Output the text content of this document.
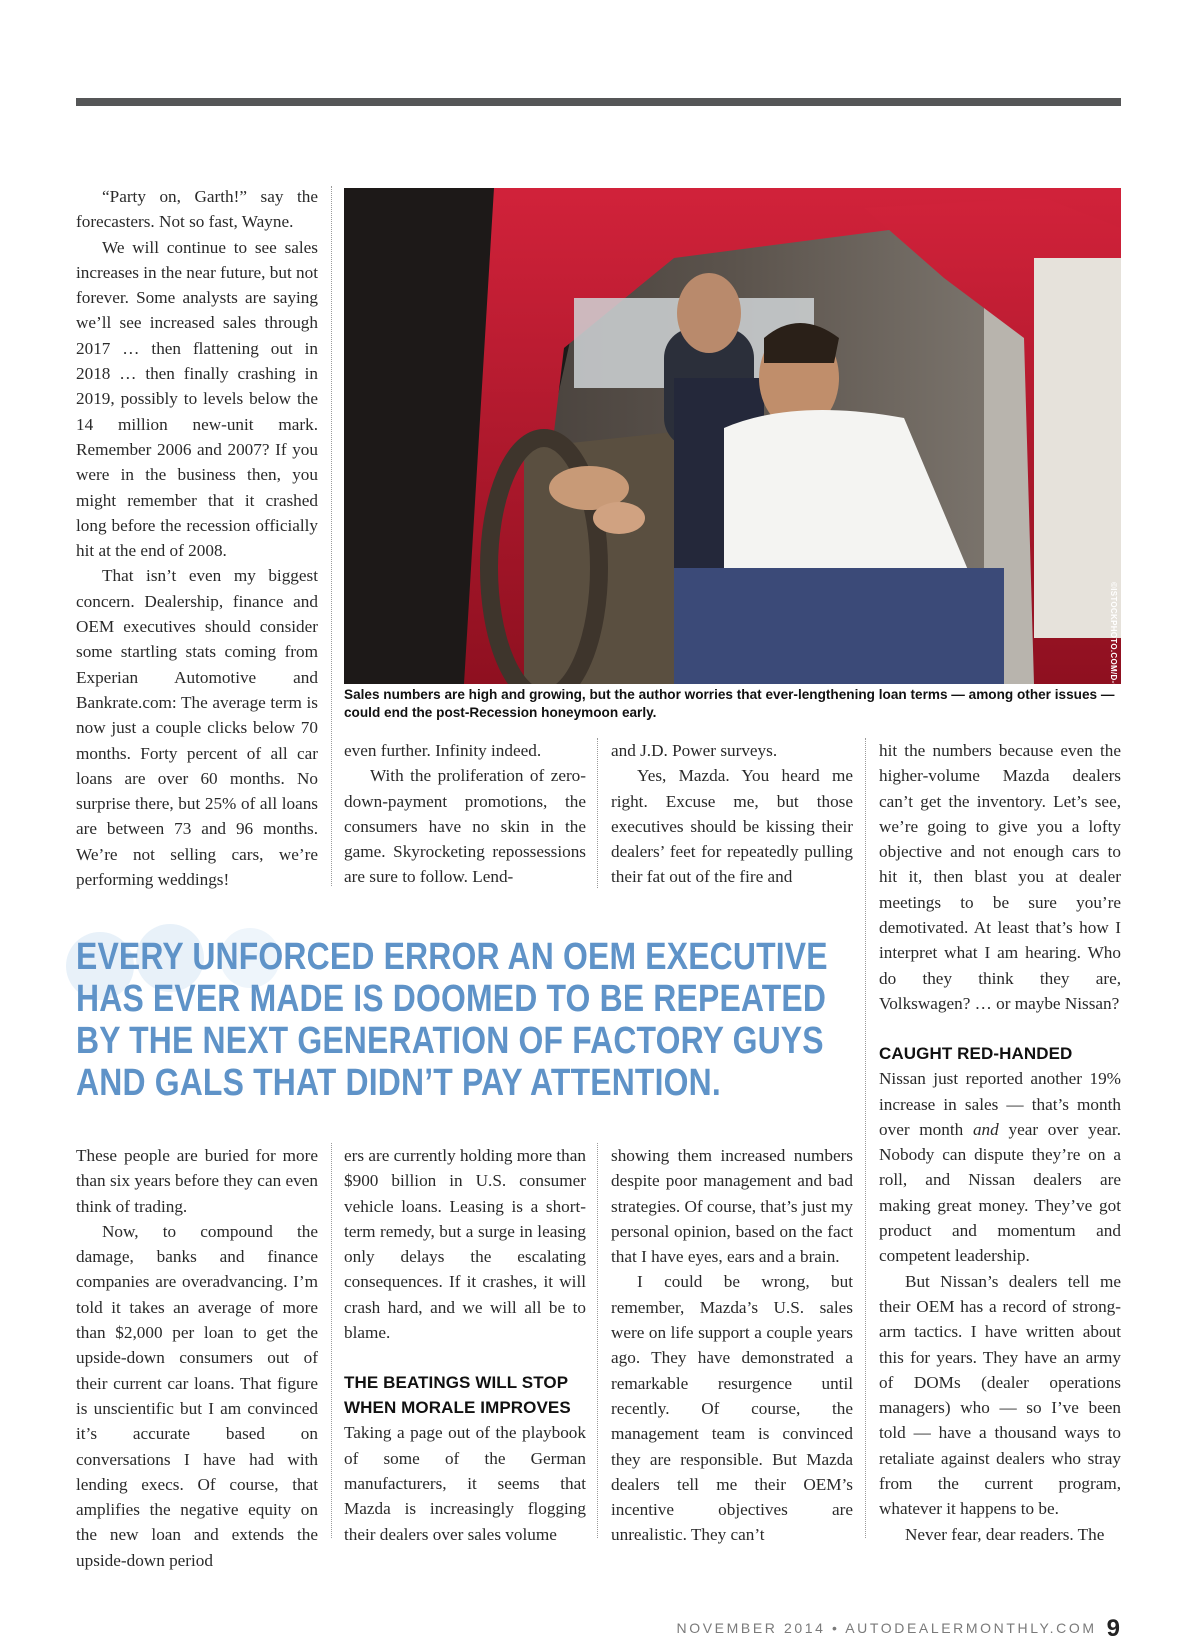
“Party on, Garth!” say the forecasters. Not so fast, Wayne.

We will continue to see sales increases in the near future, but not forever. Some analysts are saying we’ll see increased sales through 2017 … then flattening out in 2018 … then finally crashing in 2019, possibly to levels below the 14 million new-unit mark. Remember 2006 and 2007? If you were in the business then, you might remember that it crashed long before the recession officially hit at the end of 2008.

That isn’t even my biggest concern. Dealership, finance and OEM executives should consider some startling stats coming from Experian Automotive and Bankrate.com: The average term is now just a couple clicks below 70 months. Forty percent of all car loans are over 60 months. No surprise there, but 25% of all loans are between 73 and 96 months. We’re not selling cars, we’re performing weddings!

©ISTOCKPHOTO.COM/D-OZEN
Sales numbers are high and growing, but the author worries that ever-lengthening loan terms — among other issues — could end the post-Recession honeymoon early.

even further. Infinity indeed.

With the proliferation of zero-down-payment promotions, the consumers have no skin in the game. Skyrocketing repossessions are sure to follow. Lend-

and J.D. Power surveys.

Yes, Mazda. You heard me right. Excuse me, but those executives should be kissing their dealers’ feet for repeatedly pulling their fat out of the fire and

hit the numbers because even the higher-volume Mazda dealers can’t get the inventory. Let’s see, we’re going to give you a lofty objective and not enough cars to hit it, then blast you at dealer meetings to be sure you’re demotivated. At least that’s how I interpret what I am hearing. Who do they think they are, Volkswagen? … or maybe Nissan?

CAUGHT RED-HANDED

Nissan just reported another 19% increase in sales — that’s month over month and year over year. Nobody can dispute they’re on a roll, and Nissan dealers are making great money. They’ve got product and momentum and competent leadership.

But Nissan’s dealers tell me their OEM has a record of strong-arm tactics. I have written about this for years. They have an army of DOMs (dealer operations managers) who — so I’ve been told — have a thousand ways to retaliate against dealers who stray from the current program, whatever it happens to be.

Never fear, dear readers. The

EVERY UNFORCED ERROR AN OEM EXECUTIVE HAS EVER MADE IS DOOMED TO BE REPEATED BY THE NEXT GENERATION OF FACTORY GUYS AND GALS THAT DIDN’T PAY ATTENTION.

These people are buried for more than six years before they can even think of trading.

Now, to compound the damage, banks and finance companies are overadvancing. I’m told it takes an average of more than $2,000 per loan to get the upside-down consumers out of their current car loans. That figure is unscientific but I am convinced it’s accurate based on conversations I have had with lending execs. Of course, that amplifies the negative equity on the new loan and extends the upside-down period

ers are currently holding more than $900 billion in U.S. consumer vehicle loans. Leasing is a short-term remedy, but a surge in leasing only delays the escalating consequences. If it crashes, it will crash hard, and we will all be to blame.

THE BEATINGS WILL STOP WHEN MORALE IMPROVES

Taking a page out of the playbook of some of the German manufacturers, it seems that Mazda is increasingly flogging their dealers over sales volume

showing them increased numbers despite poor management and bad strategies. Of course, that’s just my personal opinion, based on the fact that I have eyes, ears and a brain.

I could be wrong, but remember, Mazda’s U.S. sales were on life support a couple years ago. They have demonstrated a remarkable resurgence until recently. Of course, the management team is convinced they are responsible. But Mazda dealers tell me their OEM’s incentive objectives are unrealistic. They can’t

NOVEMBER 2014 • AUTODEALERMONTHLY.COM 9
